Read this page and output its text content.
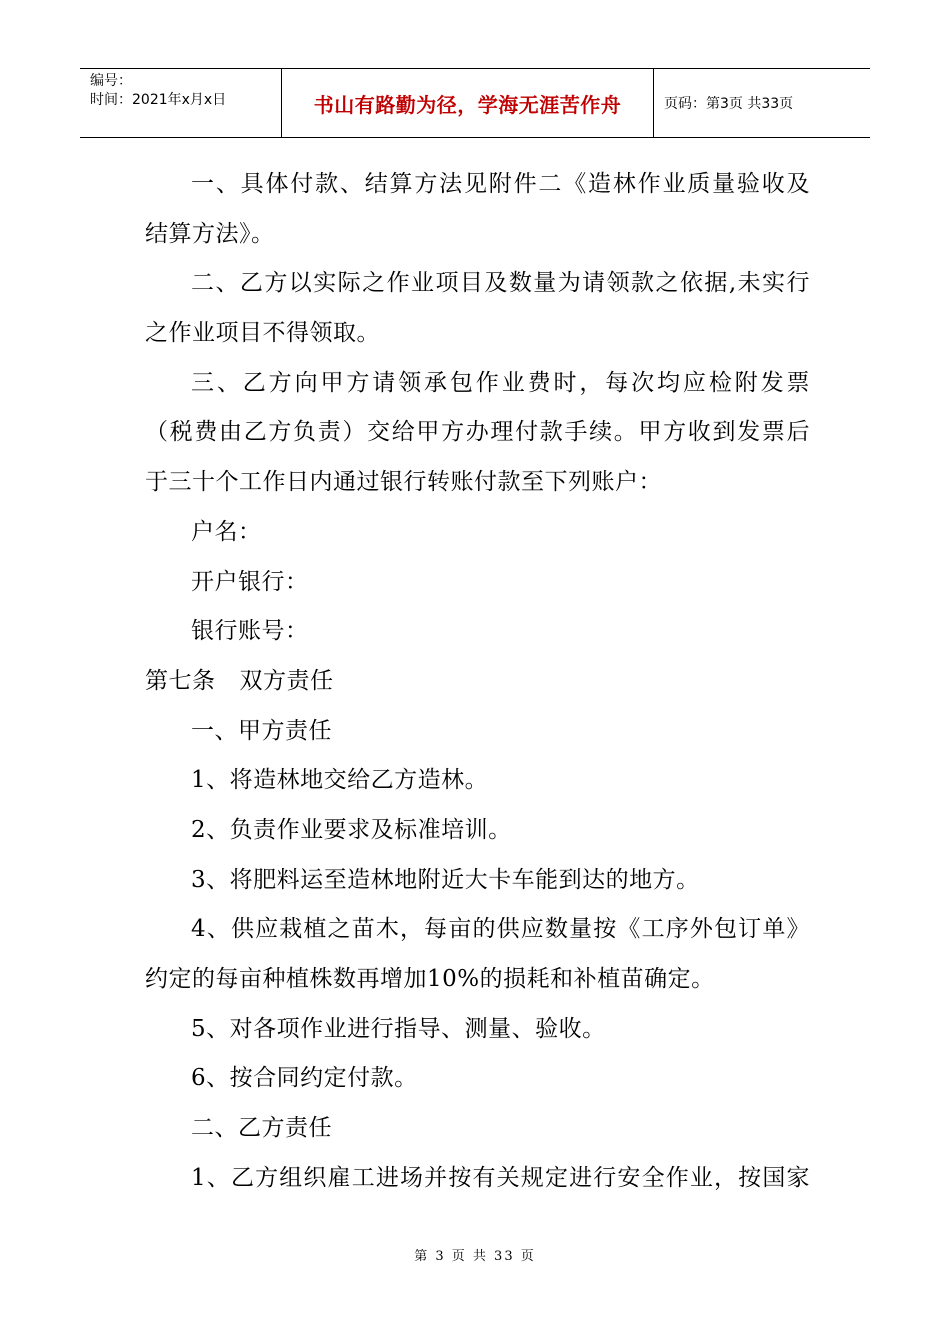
编号：
时间：2021年x月x日	书山有路勤为径，学海无涯苦作舟	页码：第3页 共33页
一、具体付款、结算方法见附件二《造林作业质量验收及
结算方法》。
二、乙方以实际之作业项目及数量为请领款之依据,未实行
之作业项目不得领取。
三、乙方向甲方请领承包作业费时，每次均应检附发票
（税费由乙方负责）交给甲方办理付款手续。甲方收到发票后
于三十个工作日内通过银行转账付款至下列账户：
户名：
开户银行：
银行账号：
第七条 双方责任
一、甲方责任
1、将造林地交给乙方造林。
2、负责作业要求及标准培训。
3、将肥料运至造林地附近大卡车能到达的地方。
4、供应栽植之苗木，每亩的供应数量按《工序外包订单》
约定的每亩种植株数再增加10%的损耗和补植苗确定。
5、对各项作业进行指导、测量、验收。
6、按合同约定付款。
二、乙方责任
1、乙方组织雇工进场并按有关规定进行安全作业，按国家
第 3 页 共 33 页
